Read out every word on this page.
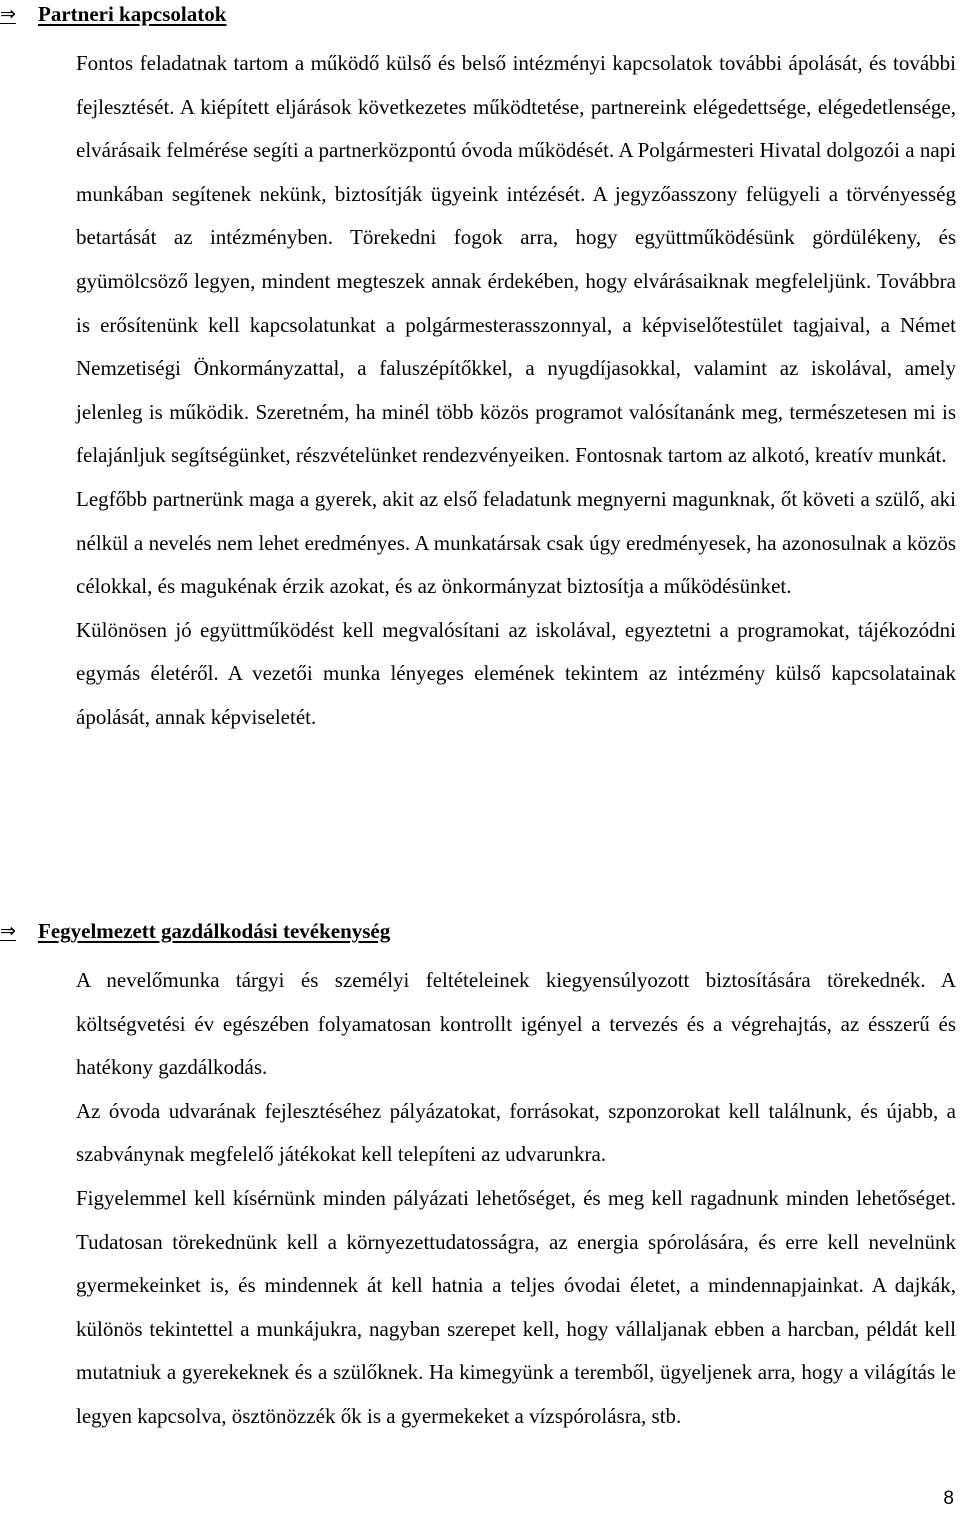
⇒	Partneri kapcsolatok

Fontos feladatnak tartom a működő külső és belső intézményi kapcsolatok további ápolását, és további fejlesztését. A kiépített eljárások következetes működtetése, partnereink elégedettsége, elégedetlensége, elvárásaik felmérése segíti a partnerközpontú óvoda működését. A Polgármesteri Hivatal dolgozói a napi munkában segítenek nekünk, biztosítják ügyeink intézését. A jegyzőasszony felügyeli a törvényesség betartását az intézményben. Törekedni fogok arra, hogy együttműködésünk gördülékeny, és gyümölcsöző legyen, mindent megteszek annak érdekében, hogy elvárásaiknak megfeleljünk. Továbbra is erősítenünk kell kapcsolatunkat a polgármesterasszonnyal, a képviselőtestület tagjaival, a Német Nemzetiségi Önkormányzattal, a faluszépítőkkel, a nyugdíjasokkal, valamint az iskolával, amely jelenleg is működik. Szeretném, ha minél több közös programot valósítanánk meg, természetesen mi is felajánljuk segítségünket, részvételünket rendezvényeiken. Fontosnak tartom az alkotó, kreatív munkát.

Legfőbb partnerünk maga a gyerek, akit az első feladatunk megnyerni magunknak, őt követi a szülő, aki nélkül a nevelés nem lehet eredményes. A munkatársak csak úgy eredményesek, ha azonosulnak a közös célokkal, és magukénak érzik azokat, és az önkormányzat biztosítja a működésünket.

Különösen jó együttműködést kell megvalósítani az iskolával, egyeztetni a programokat, tájékozódni egymás életéről. A vezetői munka lényeges elemének tekintem az intézmény külső kapcsolatainak ápolását, annak képviseletét.

⇒	Fegyelmezett gazdálkodási tevékenység

A nevelőmunka tárgyi és személyi feltételeinek kiegyensúlyozott biztosítására törekednék. A költségvetési év egészében folyamatosan kontrollt igényel a tervezés és a végrehajtás, az ésszerű és hatékony gazdálkodás.

Az óvoda udvarának fejlesztéséhez pályázatokat, forrásokat, szponzorokat kell találnunk, és újabb, a szabványnak megfelelő játékokat kell telepíteni az udvarunkra.

Figyelemmel kell kísérnünk minden pályázati lehetőséget, és meg kell ragadnunk minden lehetőséget. Tudatosan törekednünk kell a környezettudatosságra, az energia spórolására, és erre kell nevelnünk gyermekeinket is, és mindennek át kell hatnia a teljes óvodai életet, a mindennapjainkat. A dajkák, különös tekintettel a munkájukra, nagyban szerepet kell, hogy vállaljanak ebben a harcban, példát kell mutatniuk a gyerekeknek és a szülőknek. Ha kimegyünk a teremből, ügyeljenek arra, hogy a világítás le legyen kapcsolva, ösztönözzék ők is a gyermekeket a vízspórolásra, stb.

8
